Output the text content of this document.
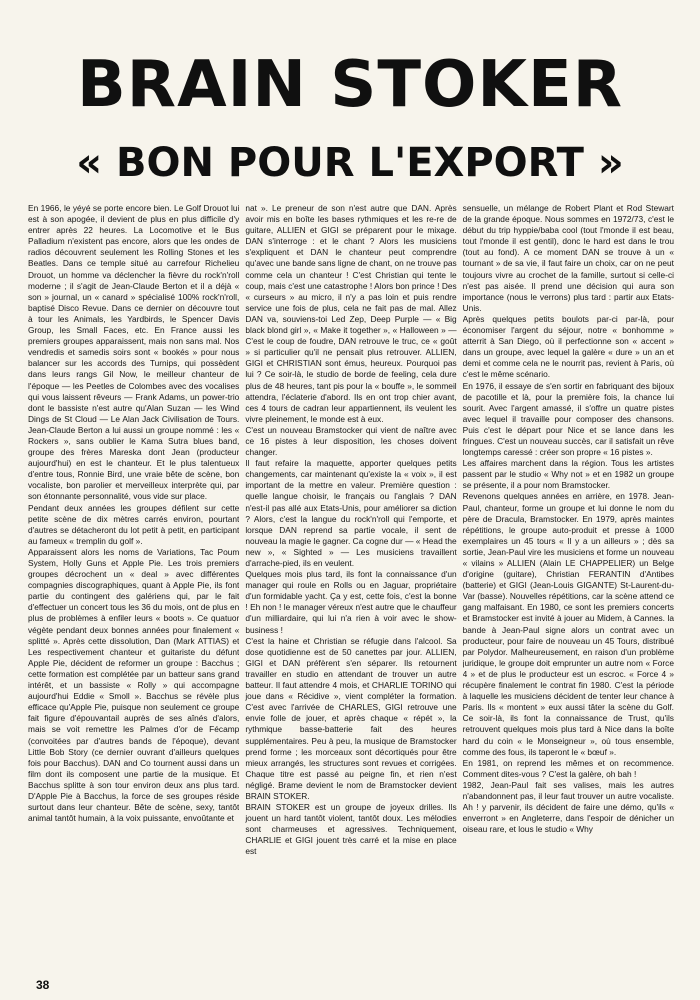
BRAIN STOKER
« BON POUR L'EXPORT »
En 1966, le yéyé se porte encore bien. Le Golf Drouot lui est à son apogée, il devient de plus en plus difficile d'y entrer après 22 heures. La Locomotive et le Bus Palladium n'existent pas encore, alors que les ondes de radios découvrent seulement les Rolling Stones et les Beatles. Dans ce temple situé au carrefour Richelieu Drouot, un homme va déclencher la fièvre du rock'n'roll moderne ; il s'agit de Jean-Claude Berton et il a déjà « son » journal, un « canard » spécialisé 100% rock'n'roll, baptisé Disco Revue. Dans ce dernier on découvre tout à tour les Animals, les Yardbirds, le Spencer Davis Group, les Small Faces, etc. En France aussi les premiers groupes apparaissent, mais non sans mal. Nos vendredis et samedis soirs sont « bookés » pour nous balancer sur les accords des Turnips, qui possèdent dans leurs rangs Gil Now, le meilleur chanteur de l'époque — les Peetles de Colombes avec des vocalises qui vous laissent rêveurs — Frank Adams, un power-trio dont le bassiste n'est autre qu'Alan Suzan — les Wind Dings de St Cloud — Le Alan Jack Civilisation de Tours. Jean-Claude Berton a lui aussi un groupe nommé : les « Rockers », sans oublier le Kama Sutra blues band, groupe des frères Mareska dont Jean (producteur aujourd'hui) en est le chanteur. Et le plus talentueux d'entre tous, Ronnie Bird, une vraie bête de scène, bon vocaliste, bon parolier et merveilleux interprète qui, par son étonnante personnalité, vous vide sur place.
Pendant deux années les groupes défilent sur cette petite scène de dix mètres carrés environ, pourtant d'autres se détacheront du lot petit à petit, en participant au fameux « tremplin du golf ».
Apparaissent alors les noms de Variations, Tac Poum System, Holly Guns et Apple Pie. Les trois premiers groupes décrochent un « deal » avec différentes compagnies discographiques, quant à Apple Pie, ils font partie du contingent des galériens qui, par le fait d'effectuer un concert tous les 36 du mois, ont de plus en plus de problèmes à enfiler leurs « boots ». Ce quatuor végète pendant deux bonnes années pour finalement « splitté ». Après cette dissolution, Dan (Mark ATTIAS) et Les respectivement chanteur et guitariste du défunt Apple Pie, décident de reformer un groupe : Bacchus ; cette formation est complétée par un batteur sans grand intérêt, et un bassiste « Rolly » qui accompagne aujourd'hui Eddie « Smoll ». Bacchus se révèle plus efficace qu'Apple Pie, puisque non seulement ce groupe fait figure d'épouvantail auprès de ses aînés d'alors, mais se voit remettre les Palmes d'or de Fécamp (convoitées par d'autres bands de l'époque), devant Little Bob Story (ce dernier ouvrant d'ailleurs quelques fois pour Bacchus). DAN and Co tournent aussi dans un film dont ils composent une partie de la musique. Et Bacchus splitte à son tour environ deux ans plus tard. D'Apple Pie à Bacchus, la force de ses groupes réside surtout dans leur chanteur. Bête de scène, sexy, tantôt animal tantôt humain, à la voix puissante, envoûtante et
nat ». Le preneur de son n'est autre que DAN. Après avoir mis en boîte les bases rythmiques et les re-re de guitare, ALLIEN et GIGI se préparent pour le mixage. DAN s'interroge : et le chant ? Alors les musiciens s'expliquent et DAN le chanteur peut comprendre qu'avec une bande sans ligne de chant, on ne trouve pas comme cela un chanteur ! C'est Christian qui tente le coup, mais c'est une catastrophe ! Alors bon prince ! Des « curseurs » au micro, il n'y a pas loin et puis rendre service une fois de plus, cela ne fait pas de mal. Allez DAN va, souviens-toi Led Zep, Deep Purple — « Big black blond girl », « Make it together », « Halloween » — C'est le coup de foudre, DAN retrouve le truc, ce « goût » si particulier qu'il ne pensait plus retrouver. ALLIEN, GIGI et CHRISTIAN sont émus, heureux. Pourquoi pas lui ? Ce soir-là, le studio de borde de feeling, cela dure plus de 48 heures, tant pis pour la « bouffe », le sommeil attendra, l'éclaterie d'abord. Ils en ont trop chier avant, ces 4 tours de cadran leur appartiennent, ils veulent les vivre pleinement, le monde est à eux.
C'est un nouveau Bramstocker qui vient de naître avec ce 16 pistes à leur disposition, les choses doivent changer.
Il faut refaire la maquette, apporter quelques petits changements, car maintenant qu'existe la « voix », il est important de la mettre en valeur. Première question : quelle langue choisir, le français ou l'anglais ? DAN n'est-il pas allé aux Etats-Unis, pour améliorer sa diction ? Alors, c'est la langue du rock'n'roll qui l'emporte, et lorsque DAN reprend sa partie vocale, il sent de nouveau la magie le gagner. Ca cogne dur — « Head the new », « Sighted » — Les musiciens travaillent d'arrache-pied, ils en veulent.
Quelques mois plus tard, ils font la connaissance d'un manager qui roule en Rolls ou en Jaguar, propriétaire d'un formidable yacht. Ça y est, cette fois, c'est la bonne ! Eh non ! le manager véreux n'est autre que le chauffeur d'un milliardaire, qui lui n'a rien à voir avec le show-business !
C'est la haine et Christian se réfugie dans l'alcool. Sa dose quotidienne est de 50 canettes par jour. ALLIEN, GIGI et DAN préfèrent s'en séparer. Ils retournent travailler en studio en attendant de trouver un autre batteur. Il faut attendre 4 mois, et CHARLIE TORINO qui joue dans « Récidive », vient compléter la formation. C'est avec l'arrivée de CHARLES, GIGI retrouve une envie folle de jouer, et après chaque « répét », la rythmique basse-batterie fait des heures supplémentaires. Peu à peu, la musique de Bramstocker prend forme ; les morceaux sont décortiqués pour être mieux arrangés, les structures sont revues et corrigées. Chaque titre est passé au peigne fin, et rien n'est négligé. Brame devient le nom de Bramstocker devient BRAIN STOKER.
BRAIN STOKER est un groupe de joyeux drilles. Ils jouent un hard tantôt violent, tantôt doux. Les mélodies sont charmeuses et agressives. Techniquement, CHARLIE et GIGI jouent très carré et la mise en place est
sensuelle, un mélange de Robert Plant et Rod Stewart de la grande époque. Nous sommes en 1972/73, c'est le début du trip hyppie/baba cool (tout l'monde il est beau, tout l'monde il est gentil), donc le hard est dans le trou (tout au fond). A ce moment DAN se trouve à un « tournant » de sa vie, il faut faire un choix, car on ne peut toujours vivre au crochet de la famille, surtout si celle-ci n'est pas aisée. Il prend une décision qui aura son importance (nous le verrons) plus tard : partir aux Etats-Unis.
Après quelques petits boulots par-ci par-là, pour économiser l'argent du séjour, notre « bonhomme » atterrit à San Diego, où il perfectionne son « accent » dans un groupe, avec lequel la galère « dure » un an et demi et comme cela ne le nourrit pas, revient à Paris, où c'est le même scénario.
En 1976, il essaye de s'en sortir en fabriquant des bijoux de pacotille et là, pour la première fois, la chance lui sourit. Avec l'argent amassé, il s'offre un quatre pistes avec lequel il travaille pour composer des chansons. Puis c'est le départ pour Nice et se lance dans les fringues. C'est un nouveau succès, car il satisfait un rêve longtemps caressé : créer son propre « 16 pistes ».
Les affaires marchent dans la région. Tous les artistes passent par le studio « Why not » et en 1982 un groupe se présente, il a pour nom Bramstocker.
Revenons quelques années en arrière, en 1978. Jean-Paul, chanteur, forme un groupe et lui donne le nom du père de Dracula, Bramstocker. En 1979, après maintes répétitions, le groupe auto-produit et presse à 1000 exemplaires un 45 tours « Il y a un ailleurs » ; dès sa sortie, Jean-Paul vire les musiciens et forme un nouveau « vilains » ALLIEN (Alain LE CHAPPELIER) un Belge d'origine (guitare), Christian FERANTIN d'Antibes (batterie) et GIGI (Jean-Louis GIGANTE) St-Laurent-du-Var (basse). Nouvelles répétitions, car la scène attend ce gang malfaisant. En 1980, ce sont les premiers concerts et Bramstocker est invité à jouer au Midem, à Cannes. la bande à Jean-Paul signe alors un contrat avec un producteur, pour faire de nouveau un 45 Tours, distribué par Polydor. Malheureusement, en raison d'un problème juridique, le groupe doit emprunter un autre nom « Force 4 » et de plus le producteur est un escroc. « Force 4 » récupère finalement le contrat fin 1980. C'est la période à laquelle les musiciens décident de tenter leur chance à Paris. Ils « montent » eux aussi tâter la scène du Golf. Ce soir-là, ils font la connaissance de Trust, qu'ils retrouvent quelques mois plus tard à Nice dans la boîte hard du coin « le Monseigneur », où tous ensemble, comme des fous, ils taperont le « bœuf ».
En 1981, on reprend les mêmes et on recommence. Comment dites-vous ? C'est la galère, oh bah !
1982, Jean-Paul fait ses valises, mais les autres n'abandonnent pas, il leur faut trouver un autre vocaliste. Ah ! y parvenir, ils décident de faire une démo, qu'ils « enverront » en Angleterre, dans l'espoir de dénicher un oiseau rare, et lous le studio « Why
38
